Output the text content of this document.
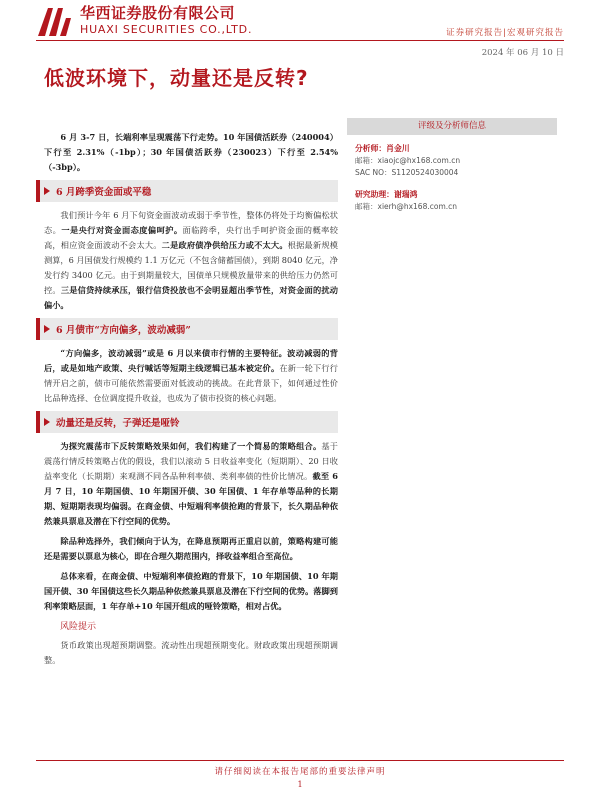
华西证券股份有限公司
HUAXI SECURITIES CO.,LTD.	证券研究报告|宏观研究报告
2024 年 06 月 10 日
低波环境下，动量还是反转?

6 月 3-7 日，长端利率呈现震荡下行走势。10 年国债活跃券（240004）下行至 2.31%（-1bp）；30 年国债活跃券（230023）下行至 2.54%（-3bp）。

6 月跨季资金面或平稳

我们预计今年 6 月下旬资金面波动或弱于季节性，整体仍将处于均衡偏松状态。一是央行对资金面态度偏呵护。面临跨季，央行出手呵护资金面的概率较高，相应资金面波动不会太大。二是政府债净供给压力或不太大。根据最新规模测算，6 月国债发行规模约 1.1 万亿元（不包含储蓄国债），到期 8040 亿元，净发行约 3400 亿元。由于到期量较大，国债单只规模放量带来的供给压力仍然可控。三是信贷持续承压，银行信贷投放也不会明显超出季节性，对资金面的扰动偏小。

6 月债市“方向偏多，波动减弱”

“方向偏多，波动减弱”或是 6 月以来债市行情的主要特征。波动减弱的背后，或是如地产政策、央行喊话等短期主线逻辑已基本被定价。在新一轮下行行情开启之前，债市可能依然需要面对低波动的挑战。在此背景下，如何通过性价比品种选择、仓位调度提升收益，也成为了债市投资的核心问题。

动量还是反转，子弹还是哑铃

为探究震荡市下反转策略效果如何，我们构建了一个简易的策略组合。基于震荡行情反转策略占优的假设，我们以滚动 5 日收益率变化（短期期）、20 日收益率变化（长期期）来观测不同各品种利率债、类利率债的性价比情况。截至 6 月 7 日，10 年期国债、10 年期国开债、30 年国债、1 年存单等品种的长期期、短期期表现均偏弱。在商金债、中短端利率债抢跑的背景下，长久期品种依然兼具票息及潜在下行空间的优势。

除品种选择外，我们倾向于认为，在降息预期再正重启以前，策略构建可能还是需要以票息为核心，即在合理久期范围内，择收益率组合至高位。

总体来看，在商金债、中短端利率债抢跑的背景下，10 年期国债、10 年期国开债、30 年国债这些长久期品种依然兼具票息及潜在下行空间的优势。落脚到利率策略层面，1 年存单+10 年国开组成的哑铃策略，相对占优。

风险提示

货币政策出现超预期调整。流动性出现超预期变化。财政政策出现超预期调整。

评级及分析师信息
分析师：肖金川
邮箱：xiaojc@hx168.com.cn
SAC NO：S1120524030004
研究助理：谢瑞鸿
邮箱：xierh@hx168.com.cn
请仔细阅读在本报告尾部的重要法律声明
1
